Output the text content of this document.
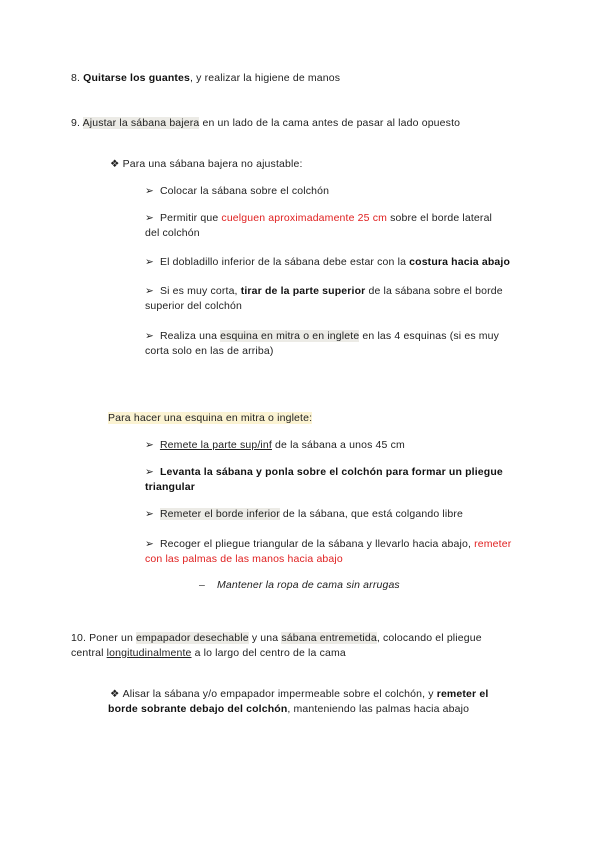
8. Quitarse los guantes, y realizar la higiene de manos
9. Ajustar la sábana bajera en un lado de la cama antes de pasar al lado opuesto
❖ Para una sábana bajera no ajustable:
➢ Colocar la sábana sobre el colchón
➢ Permitir que cuelguen aproximadamente 25 cm sobre el borde lateral
del colchón
➢ El dobladillo inferior de la sábana debe estar con la costura hacia abajo
➢ Si es muy corta, tirar de la parte superior de la sábana sobre el borde
superior del colchón
➢ Realiza una esquina en mitra o en inglete en las 4 esquinas (si es muy
corta solo en las de arriba)
Para hacer una esquina en mitra o inglete:
➢ Remete la parte sup/inf de la sábana a unos 45 cm
➢ Levanta la sábana y ponla sobre el colchón para formar un pliegue
triangular
➢ Remeter el borde inferior de la sábana, que está colgando libre
➢ Recoger el pliegue triangular de la sábana y llevarlo hacia abajo, remeter
con las palmas de las manos hacia abajo
– Mantener la ropa de cama sin arrugas
10. Poner un empapador desechable y una sábana entremetida, colocando el pliegue
central longitudinalmente a lo largo del centro de la cama
❖ Alisar la sábana y/o empapador impermeable sobre el colchón, y remeter el
borde sobrante debajo del colchón, manteniendo las palmas hacia abajo
